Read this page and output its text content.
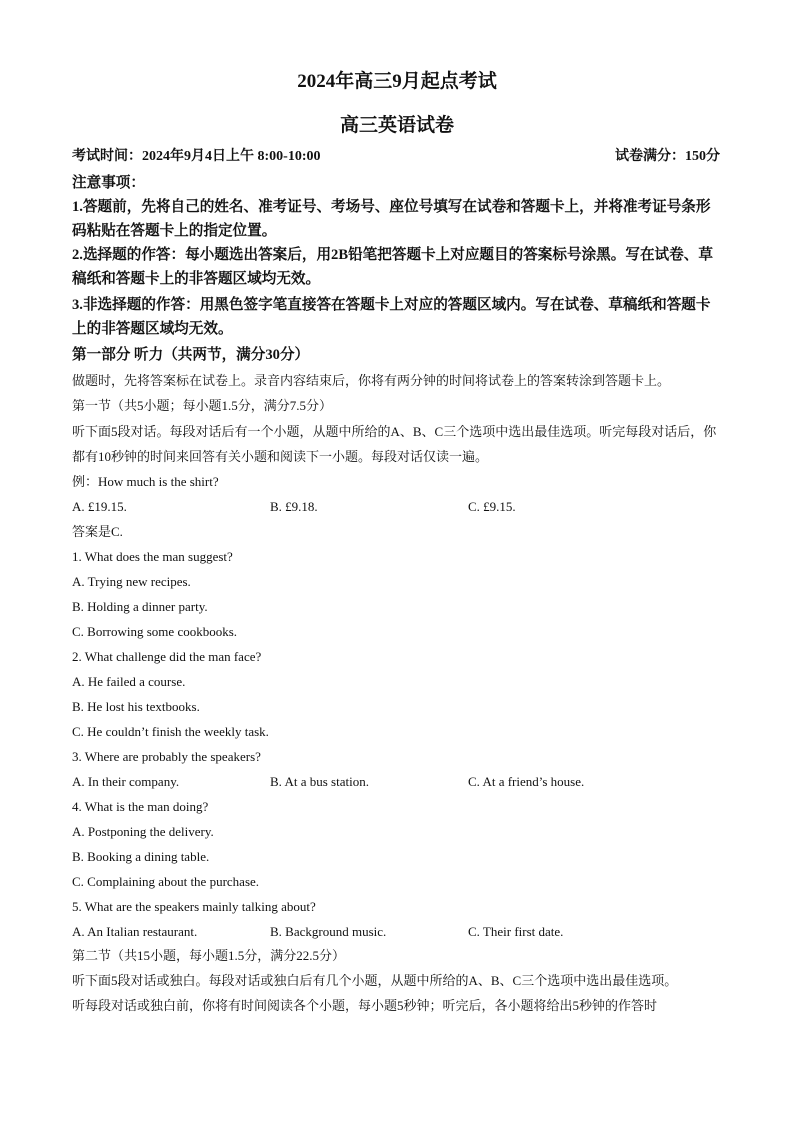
2024年高三9月起点考试
高三英语试卷
考试时间：2024年9月4日上午 8:00-10:00	试卷满分：150分
注意事项：
1.答题前，先将自己的姓名、准考证号、考场号、座位号填写在试卷和答题卡上，并将准考证号条形码粘贴在答题卡上的指定位置。
2.选择题的作答：每小题选出答案后，用2B铅笔把答题卡上对应题目的答案标号涂黑。写在试卷、草稿纸和答题卡上的非答题区域均无效。
3.非选择题的作答：用黑色签字笔直接答在答题卡上对应的答题区域内。写在试卷、草稿纸和答题卡上的非答题区域均无效。
第一部分 听力（共两节，满分30分）
做题时，先将答案标在试卷上。录音内容结束后，你将有两分钟的时间将试卷上的答案转涂到答题卡上。
第一节（共5小题；每小题1.5分，满分7.5分）
听下面5段对话。每段对话后有一个小题，从题中所给的A、B、C三个选项中选出最佳选项。听完每段对话后，你都有10秒钟的时间来回答有关小题和阅读下一小题。每段对话仅读一遍。
例：How much is the shirt?
A. £19.15.	B. £9.18.	C. £9.15.
答案是C.
1. What does the man suggest?
A. Trying new recipes.
B. Holding a dinner party.
C. Borrowing some cookbooks.
2. What challenge did the man face?
A. He failed a course.
B. He lost his textbooks.
C. He couldn’t finish the weekly task.
3. Where are probably the speakers?
A. In their company.	B. At a bus station.	C. At a friend’s house.
4. What is the man doing?
A. Postponing the delivery.
B. Booking a dining table.
C. Complaining about the purchase.
5. What are the speakers mainly talking about?
A. An Italian restaurant.	B. Background music.	C. Their first date.
第二节（共15小题，每小题1.5分，满分22.5分）
听下面5段对话或独白。每段对话或独白后有几个小题，从题中所给的A、B、C三个选项中选出最佳选项。
听每段对话或独白前，你将有时间阅读各个小题，每小题5秒钟；听完后，各小题将给出5秒钟的作答时
